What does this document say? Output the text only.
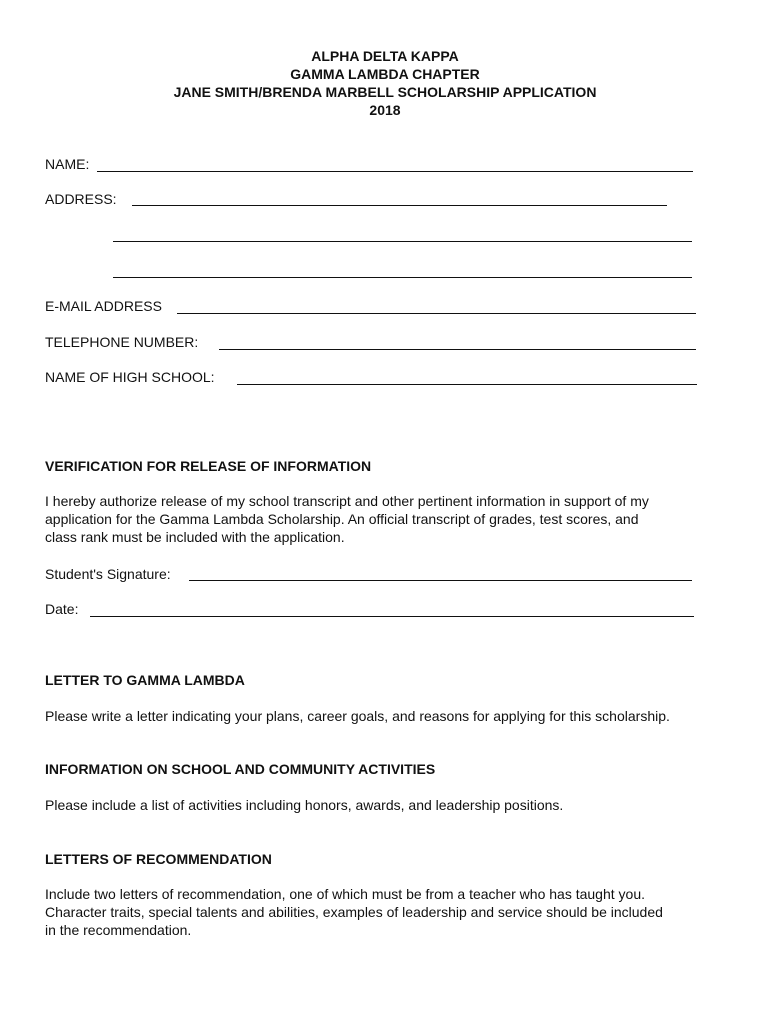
ALPHA DELTA KAPPA
GAMMA LAMBDA CHAPTER
JANE SMITH/BRENDA MARBELL SCHOLARSHIP APPLICATION
2018
NAME:
ADDRESS:
E-MAIL ADDRESS
TELEPHONE NUMBER:
NAME OF HIGH SCHOOL:
VERIFICATION FOR RELEASE OF INFORMATION
I hereby authorize release of my school transcript and other pertinent information in support of my
application for the Gamma Lambda Scholarship. An official transcript of grades, test scores, and
class rank must be included with the application.
Student's Signature:
Date:
LETTER TO GAMMA LAMBDA
Please write a letter indicating your plans, career goals, and reasons for applying for this scholarship.
INFORMATION ON SCHOOL AND COMMUNITY ACTIVITIES
Please include a list of activities including honors, awards, and leadership positions.
LETTERS OF RECOMMENDATION
Include two letters of recommendation, one of which must be from a teacher who has taught you.
Character traits, special talents and abilities, examples of leadership and service should be included
in the recommendation.
